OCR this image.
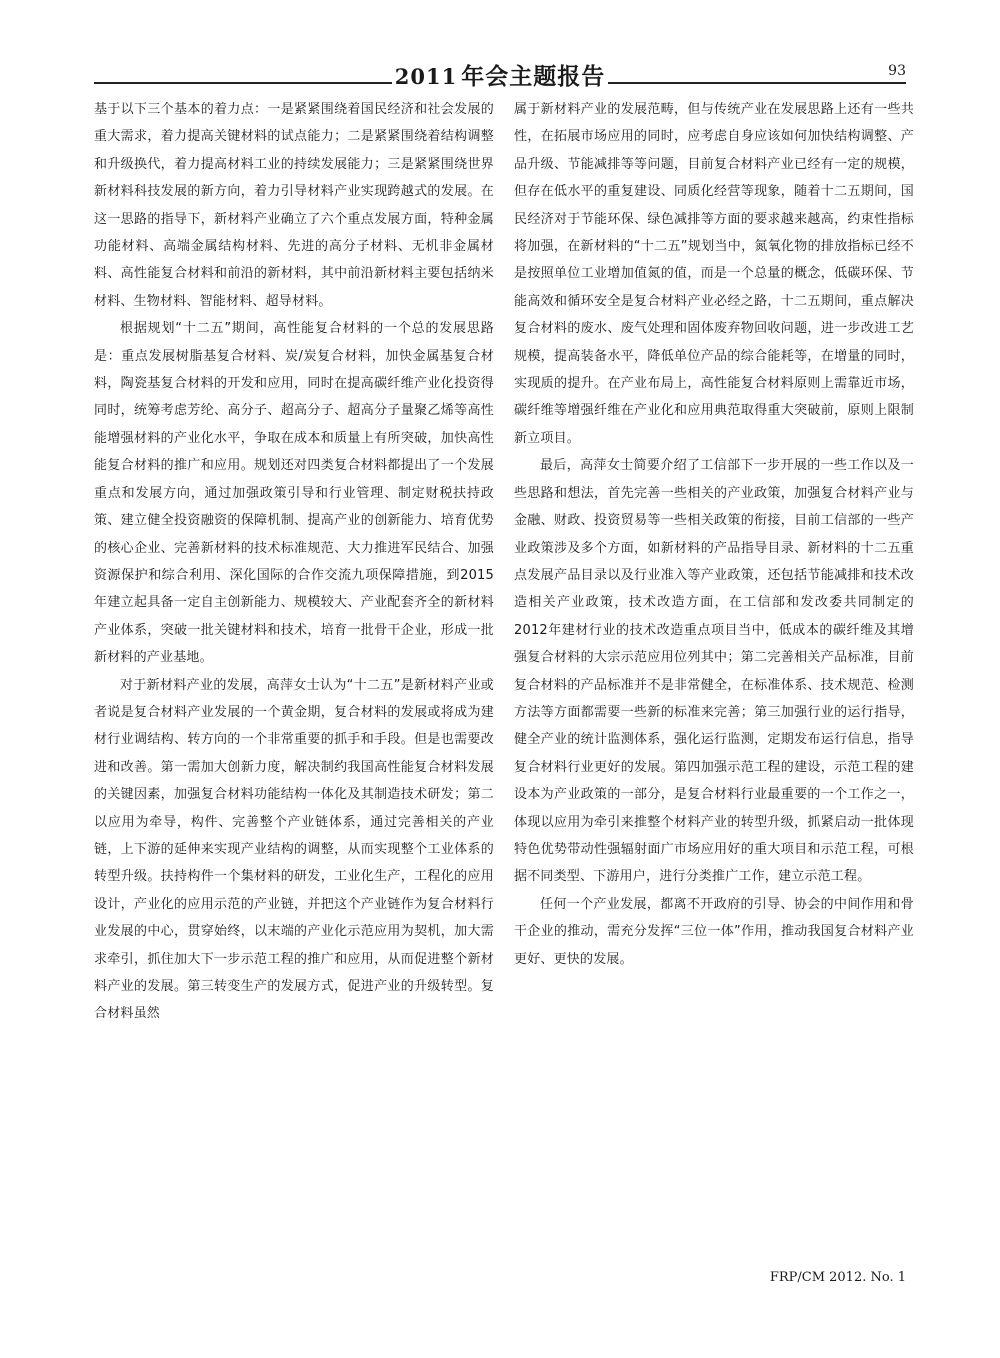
2011 年会主题报告	93

基于以下三个基本的着力点：一是紧紧围绕着国民经济和社会发展的重大需求，着力提高关键材料的试点能力；二是紧紧围绕着结构调整和升级换代，着力提高材料工业的持续发展能力；三是紧紧围绕世界新材料科技发展的新方向，着力引导材料产业实现跨越式的发展。在这一思路的指导下，新材料产业确立了六个重点发展方面，特种金属功能材料、高端金属结构材料、先进的高分子材料、无机非金属材料、高性能复合材料和前沿的新材料，其中前沿新材料主要包括纳米材料、生物材料、智能材料、超导材料。

根据规划“十二五”期间，高性能复合材料的一个总的发展思路是：重点发展树脂基复合材料、炭/炭复合材料，加快金属基复合材料，陶瓷基复合材料的开发和应用，同时在提高碳纤维产业化投资得同时，统筹考虑芳纶、高分子、超高分子、超高分子量聚乙烯等高性能增强材料的产业化水平，争取在成本和质量上有所突破，加快高性能复合材料的推广和应用。规划还对四类复合材料都提出了一个发展重点和发展方向，通过加强政策引导和行业管理、制定财税扶持政策、建立健全投资融资的保障机制、提高产业的创新能力、培育优势的核心企业、完善新材料的技术标准规范、大力推进军民结合、加强资源保护和综合利用、深化国际的合作交流九项保障措施，到2015年建立起具备一定自主创新能力、规模较大、产业配套齐全的新材料产业体系，突破一批关键材料和技术，培育一批骨干企业，形成一批新材料的产业基地。

对于新材料产业的发展，高萍女士认为“十二五”是新材料产业或者说是复合材料产业发展的一个黄金期，复合材料的发展或将成为建材行业调结构、转方向的一个非常重要的抓手和手段。但是也需要改进和改善。第一需加大创新力度，解决制约我国高性能复合材料发展的关键因素，加强复合材料功能结构一体化及其制造技术研发；第二以应用为牵导，构件、完善整个产业链体系，通过完善相关的产业链，上下游的延伸来实现产业结构的调整，从而实现整个工业体系的转型升级。扶持构件一个集材料的研发，工业化生产，工程化的应用设计，产业化的应用示范的产业链，并把这个产业链作为复合材料行业发展的中心，贯穿始终，以末端的产业化示范应用为契机，加大需求牵引，抓住加大下一步示范工程的推广和应用，从而促进整个新材料产业的发展。第三转变生产的发展方式，促进产业的升级转型。复合材料虽然

属于新材料产业的发展范畴，但与传统产业在发展思路上还有一些共性，在拓展市场应用的同时，应考虑自身应该如何加快结构调整、产品升级、节能减排等等问题，目前复合材料产业已经有一定的规模，但存在低水平的重复建设、同质化经营等现象，随着十二五期间，国民经济对于节能环保、绿色减排等方面的要求越来越高，约束性指标将加强，在新材料的“十二五”规划当中，氮氧化物的排放指标已经不是按照单位工业增加值氮的值，而是一个总量的概念，低碳环保、节能高效和循环安全是复合材料产业必经之路，十二五期间，重点解决复合材料的废水、废气处理和固体废弃物回收问题，进一步改进工艺规模，提高装备水平，降低单位产品的综合能耗等，在增量的同时，实现质的提升。在产业布局上，高性能复合材料原则上需靠近市场，碳纤维等增强纤维在产业化和应用典范取得重大突破前，原则上限制新立项目。

最后，高萍女士简要介绍了工信部下一步开展的一些工作以及一些思路和想法，首先完善一些相关的产业政策，加强复合材料产业与金融、财政、投资贸易等一些相关政策的衔接，目前工信部的一些产业政策涉及多个方面，如新材料的产品指导目录、新材料的十二五重点发展产品目录以及行业准入等产业政策，还包括节能减排和技术改造相关产业政策，技术改造方面，在工信部和发改委共同制定的2012年建材行业的技术改造重点项目当中，低成本的碳纤维及其增强复合材料的大宗示范应用位列其中；第二完善相关产品标准，目前复合材料的产品标准并不是非常健全，在标准体系、技术规范、检测方法等方面都需要一些新的标准来完善；第三加强行业的运行指导，健全产业的统计监测体系，强化运行监测，定期发布运行信息，指导复合材料行业更好的发展。第四加强示范工程的建设，示范工程的建设本为产业政策的一部分，是复合材料行业最重要的一个工作之一，体现以应用为牵引来推整个材料产业的转型升级，抓紧启动一批体现特色优势带动性强辐射面广市场应用好的重大项目和示范工程，可根据不同类型、下游用户，进行分类推广工作，建立示范工程。

任何一个产业发展，都离不开政府的引导、协会的中间作用和骨干企业的推动，需充分发挥“三位一体”作用，推动我国复合材料产业更好、更快的发展。

FRP/CM 2012. No. 1
